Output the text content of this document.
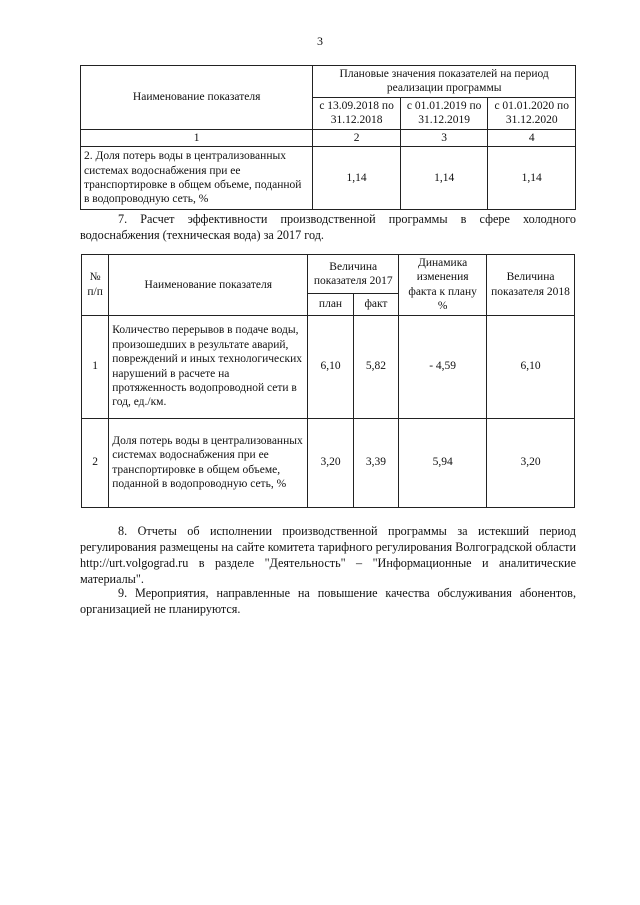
3
Наименование показателя	Плановые значения показателей на период реализации программы		
	с 13.09.2018 по 31.12.2018	с 01.01.2019 по 31.12.2019	с 01.01.2020 по 31.12.2020
1	2	3	4
2. Доля потерь воды в централизованных системах водоснабжения при ее транспортировке в общем объеме, поданной в водопроводную сеть, %	1,14	1,14	1,14

7. Расчет эффективности производственной программы в сфере холодного водоснабжения (техническая вода) за 2017 год.

№ п/п	Наименование показателя	Величина показателя 2017		Динамика изменения факта к плану %	Величина показателя 2018
		план	факт		
1	Количество перерывов в подаче воды, произошедших в результате аварий, повреждений и иных технологических нарушений в расчете на протяженность водопроводной сети в год, ед./км.	6,10	5,82	- 4,59	6,10
2	Доля потерь воды в централизованных системах водоснабжения при ее транспортировке в общем объеме, поданной в водопроводную сеть, %	3,20	3,39	5,94	3,20

8. Отчеты об исполнении производственной программы за истекший период регулирования размещены на сайте комитета тарифного регулирования Волгоградской области http://urt.volgograd.ru в разделе "Деятельность" – "Информационные и аналитические материалы".

9. Мероприятия, направленные на повышение качества обслуживания абонентов, организацией не планируются.
